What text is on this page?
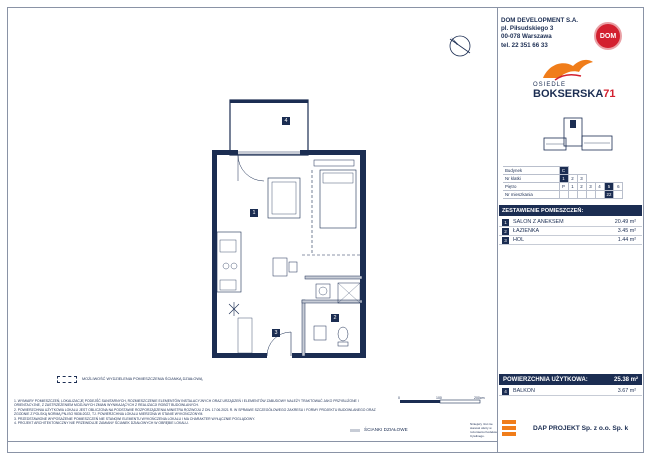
1
2
3
4
DOM DEVELOPMENT S.A.
pl. Piłsudskiego 3
00-078 Warszawa
tel. 22 351 66 33
DOM
OSIEDLE
BOKSERSKA71
Budynek	C						
Nr klatki	1	2	3				
Piętro	P	1	2	3	4	5	6
Nr mieszkania						22	
ZESTAWIENIE POMIESZCZEŃ:
1	SALON Z ANEKSEM	20.49 m²
2	ŁAZIENKA	3.45 m²
3	HOL	1.44 m²
POWIERZCHNIA UŻYTKOWA:	25.38 m²
4	BALKON	3.67 m²
MOŻLIWOŚĆ WYDZIELENIA POMIESZCZENIA ŚCIANKĄ DZIAŁOWĄ
0	100	200cm
1. WYMIARY POMIESZCZEŃ, LOKALIZACJĘ PODEJŚĆ SANITARNYCH, ROZMIESZCZENIE ELEMENTÓW INSTALACYJNYCH ORAZ URZĄDZEŃ I ELEMENTÓW ZABUDOWY NALEŻY TRAKTOWAĆ JAKO PRZYBLIŻONE I ORIENTACYJNE, Z ZASTRZEŻENIEM MOŻLIWYCH ZMIAN WYNIKAJĄCYCH Z REALIZACJI ROBÓT BUDOWLANYCH.
2. POWIERZCHNIA UŻYTKOWA LOKALU JEST OBLICZONA NA PODSTAWIE ROZPORZĄDZENIA MINISTRA ROZWOJU Z DN. 17.06.2021 R. W SPRAWIE SZCZEGÓŁOWEGO ZAKRESU I FORMY PROJEKTU BUDOWLANEGO ORAZ ZGODNIE Z POLSKĄ NORMĄ PN-ISO 9836:2022, TJ. POWIERZCHNIA LOKALU MIERZONA W STANIE WYKOŃCZONYM.
3. PRZEDSTAWIONE WYPOSAŻENIE POMIESZCZEŃ NIE STANOWI ELEMENTU WYKOŃCZENIA LOKALU I MA CHARAKTER WYŁĄCZNIE POGLĄDOWY.
4. PROJEKT ARCHITEKTONICZNY NIE PRZEWIDUJE ZAMIANY ŚCIANEK DZIAŁOWYCH W OBRĘBIE LOKALU.
ŚCIANKI DZIAŁOWE
Niniejszy rzut nie stanowi oferty w rozumieniu Kodeksu Cywilnego.
DAP PROJEKT Sp. z o.o. Sp. k
